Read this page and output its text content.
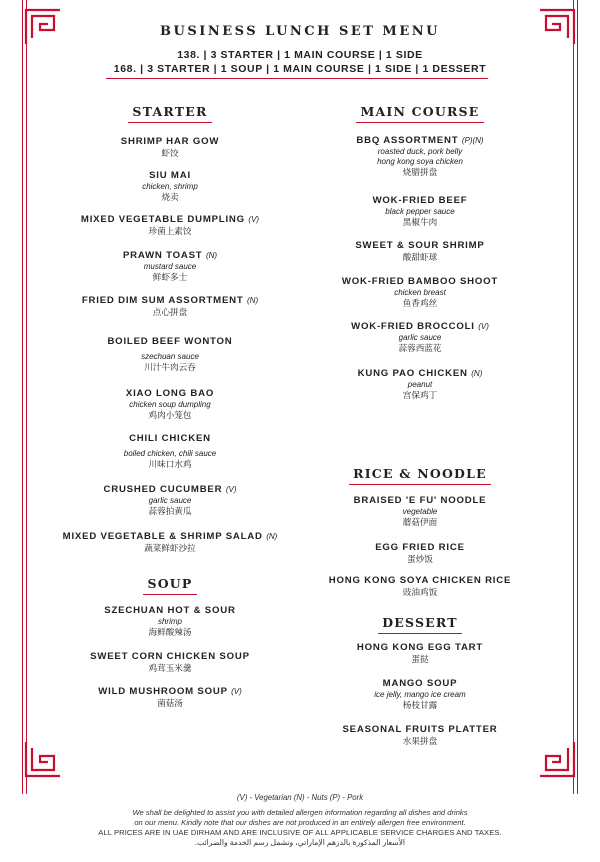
BUSINESS LUNCH SET MENU

138. | 3 STARTER | 1 MAIN COURSE | 1 SIDE

168. | 3 STARTER | 1 SOUP | 1 MAIN COURSE | 1 SIDE | 1 DESSERT

STARTER
SHRIMP HAR GOW
虾饺
SIU MAI
chicken, shrimp
烧卖
MIXED VEGETABLE DUMPLING (V)
珍菌上素饺
PRAWN TOAST (N)
mustard sauce
鲜虾多士
FRIED DIM SUM ASSORTMENT (N)
点心拼盘
BOILED BEEF WONTON
szechuan sauce
川汁牛肉云吞
XIAO LONG BAO
chicken soup dumpling
鸡肉小笼包
CHILI CHICKEN
boiled chicken, chili sauce
川味口水鸡
CRUSHED CUCUMBER (V)
garlic sauce
蒜蓉拍黄瓜
MIXED VEGETABLE & SHRIMP SALAD (N)
蔬菜鲜虾沙拉
SOUP
SZECHUAN HOT & SOUR
shrimp
海鲜酸辣汤
SWEET CORN CHICKEN SOUP
鸡茸玉米羹
WILD MUSHROOM SOUP (V)
菌菇汤
MAIN COURSE
BBQ ASSORTMENT (P)(N)
roasted duck, pork belly
hong kong soya chicken
烧腊拼盘
WOK-FRIED BEEF
black pepper sauce
黑椒牛肉
SWEET & SOUR SHRIMP
酸甜虾球
WOK-FRIED BAMBOO SHOOT
chicken breast
鱼香鸡丝
WOK-FRIED BROCCOLI (V)
garlic sauce
蒜蓉西蓝花
KUNG PAO CHICKEN (N)
peanut
宫保鸡丁
RICE & NOODLE
BRAISED 'E FU' NOODLE
vegetable
蘑菇伊面
EGG FRIED RICE
蛋炒饭
HONG KONG SOYA CHICKEN RICE
豉油鸡饭
DESSERT
HONG KONG EGG TART
蛋挞
MANGO SOUP
ice jelly, mango ice cream
杨枝甘露
SEASONAL FRUITS PLATTER
水果拼盘
(V) - Vegetarian (N) - Nuts (P) - Pork
We shall be delighted to assist you with detailed allergen information regarding all dishes and drinks
on our menu. Kindly note that our dishes are not produced in an entirely allergen free environment.
ALL PRICES ARE IN UAE DIRHAM AND ARE INCLUSIVE OF ALL APPLICABLE SERVICE CHARGES AND TAXES.
الأسعار المذكورة بالدرهم الإماراتي، وتشمل رسم الخدمة والضرائب.
